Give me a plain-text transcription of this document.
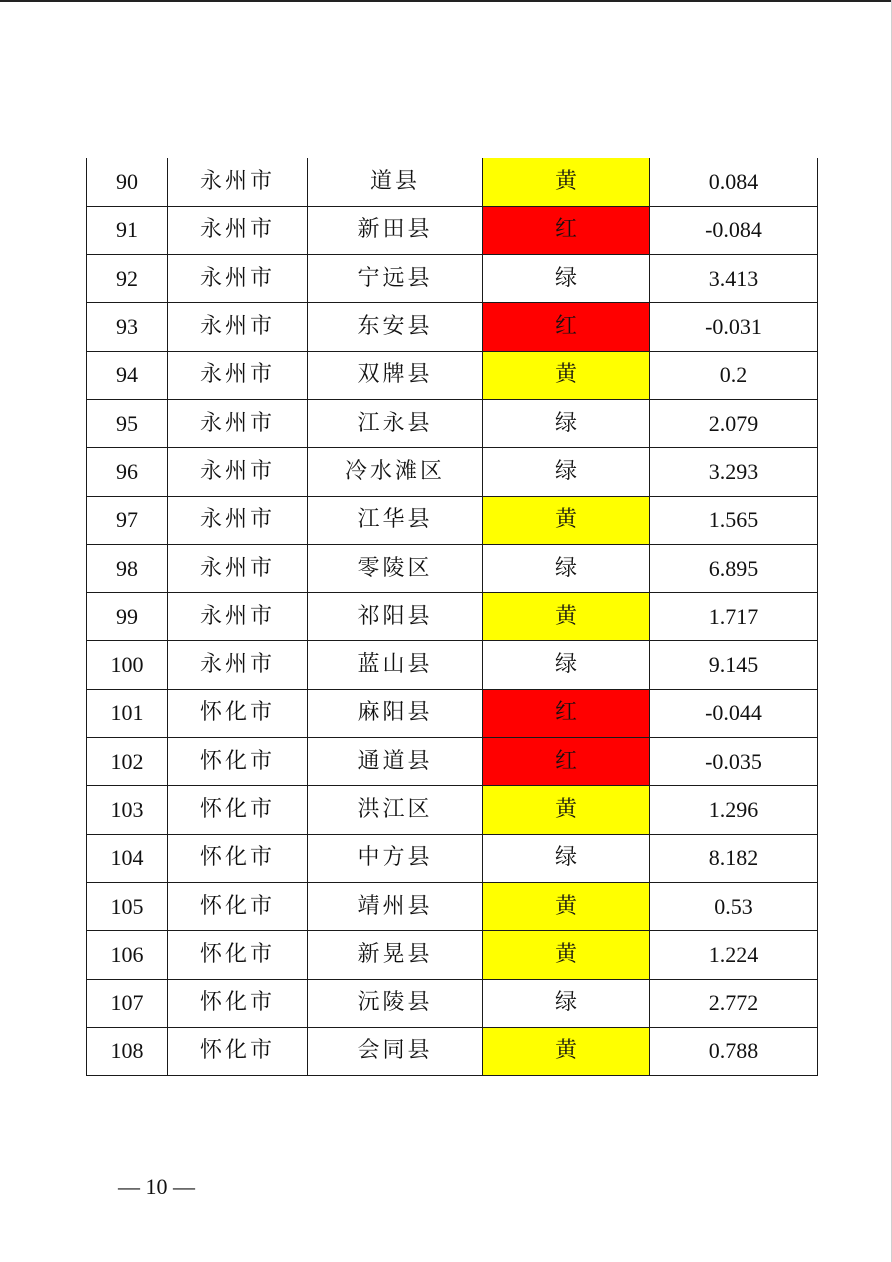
90	永州市	道县	黄	0.084
91	永州市	新田县	红	-0.084
92	永州市	宁远县	绿	3.413
93	永州市	东安县	红	-0.031
94	永州市	双牌县	黄	0.2
95	永州市	江永县	绿	2.079
96	永州市	冷水滩区	绿	3.293
97	永州市	江华县	黄	1.565
98	永州市	零陵区	绿	6.895
99	永州市	祁阳县	黄	1.717
100	永州市	蓝山县	绿	9.145
101	怀化市	麻阳县	红	-0.044
102	怀化市	通道县	红	-0.035
103	怀化市	洪江区	黄	1.296
104	怀化市	中方县	绿	8.182
105	怀化市	靖州县	黄	0.53
106	怀化市	新晃县	黄	1.224
107	怀化市	沅陵县	绿	2.772
108	怀化市	会同县	黄	0.788
— 10 —
